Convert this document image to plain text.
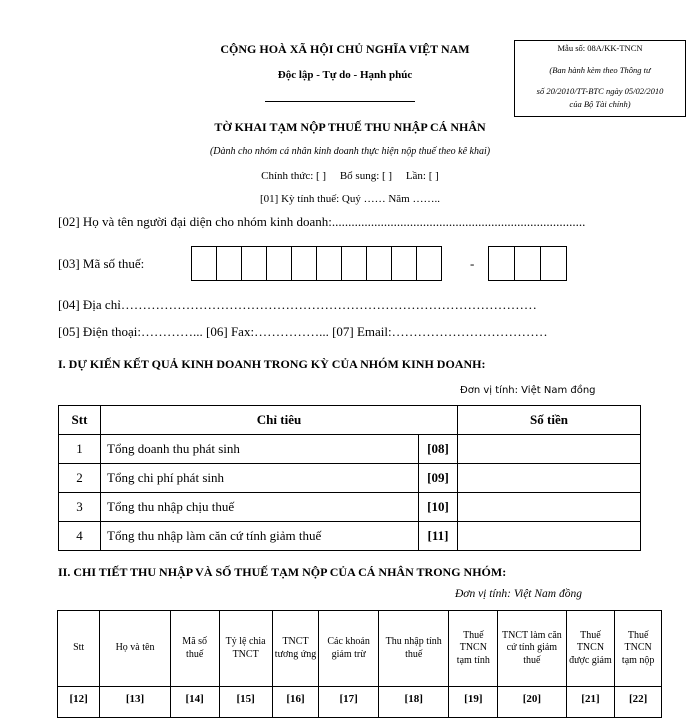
CỘNG HOÀ XÃ HỘI CHỦ NGHĨA VIỆT NAM
Độc lập - Tự do - Hạnh phúc
Mẫu số: 08A/KK-TNCN
(Ban hành kèm theo Thông tư
số 20/2010/TT-BTC ngày 05/02/2010
của Bộ Tài chính)
TỜ KHAI TẠM NỘP THUẾ THU NHẬP CÁ NHÂN
(Dành cho nhóm cá nhân kinh doanh thực hiện nộp thuế theo kê khai)
Chính thức: [ ]     Bổ sung: [ ]     Lần: [ ]
[01] Kỳ tính thuế: Quý …… Năm ……..
[02] Họ và tên người đại diện cho nhóm kinh doanh:..............................................................................
[03] Mã số thuế:	-
[04] Địa chỉ……………………………………………………………………………………
[05] Điện thoại:…………... [06] Fax:……………... [07] Email:………………………………
I. DỰ KIẾN KẾT QUẢ KINH DOANH TRONG KỲ CỦA NHÓM KINH DOANH:
Đơn vị tính: Việt Nam đồng
Stt	Chỉ tiêu		Số tiền
1	Tổng doanh thu phát sinh	[08]	
2	Tổng chi phí phát sinh	[09]	
3	Tổng thu nhập chịu thuế	[10]	
4	Tổng thu nhập làm căn cứ tính giảm thuế	[11]	
II. CHI TIẾT THU NHẬP VÀ SỐ THUẾ TẠM NỘP CỦA CÁ NHÂN TRONG NHÓM:
Đơn vị tính: Việt Nam đồng
Stt	Họ và tên	Mã số thuế	Tỷ lệ chia TNCT	TNCT tương ứng	Các khoản giảm trừ	Thu nhập tính thuế	Thuế TNCN tạm tính	TNCT làm căn cứ tính giảm thuế	Thuế TNCN được giảm	Thuế TNCN tạm nộp
[12]	[13]	[14]	[15]	[16]	[17]	[18]	[19]	[20]	[21]	[22]
